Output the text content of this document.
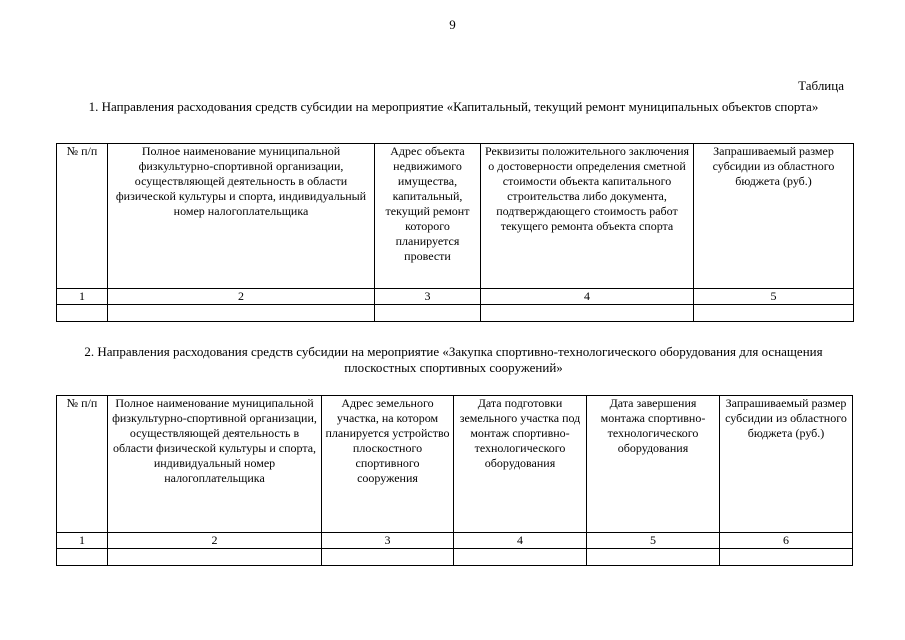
9
Таблица
1. Направления расходования средств субсидии на мероприятие «Капитальный, текущий ремонт муниципальных объектов спорта»
№ п/п	Полное наименование муниципальной физкультурно-спортивной организации, осуществляющей деятельность в области физической культуры и спорта, индивидуальный номер налогоплательщика	Адрес объекта недвижимого имущества, капитальный, текущий ремонт которого планируется провести	Реквизиты положительного заключения о достоверности определения сметной стоимости объекта капитального строительства либо документа, подтверждающего стоимость работ текущего ремонта объекта спорта	Запрашиваемый размер субсидии из областного бюджета (руб.)
1	2	3	4	5

2. Направления расходования средств субсидии на мероприятие «Закупка спортивно-технологического оборудования для оснащения плоскостных спортивных сооружений»
№ п/п	Полное наименование муниципальной физкультурно-спортивной организации, осуществляющей деятельность в области физической культуры и спорта, индивидуальный номер налогоплательщика	Адрес земельного участка, на котором планируется устройство плоскостного спортивного сооружения	Дата подготовки земельного участка под монтаж спортивно-технологического оборудования	Дата завершения монтажа спортивно-технологического оборудования	Запрашиваемый размер субсидии из областного бюджета (руб.)
1	2	3	4	5	6
